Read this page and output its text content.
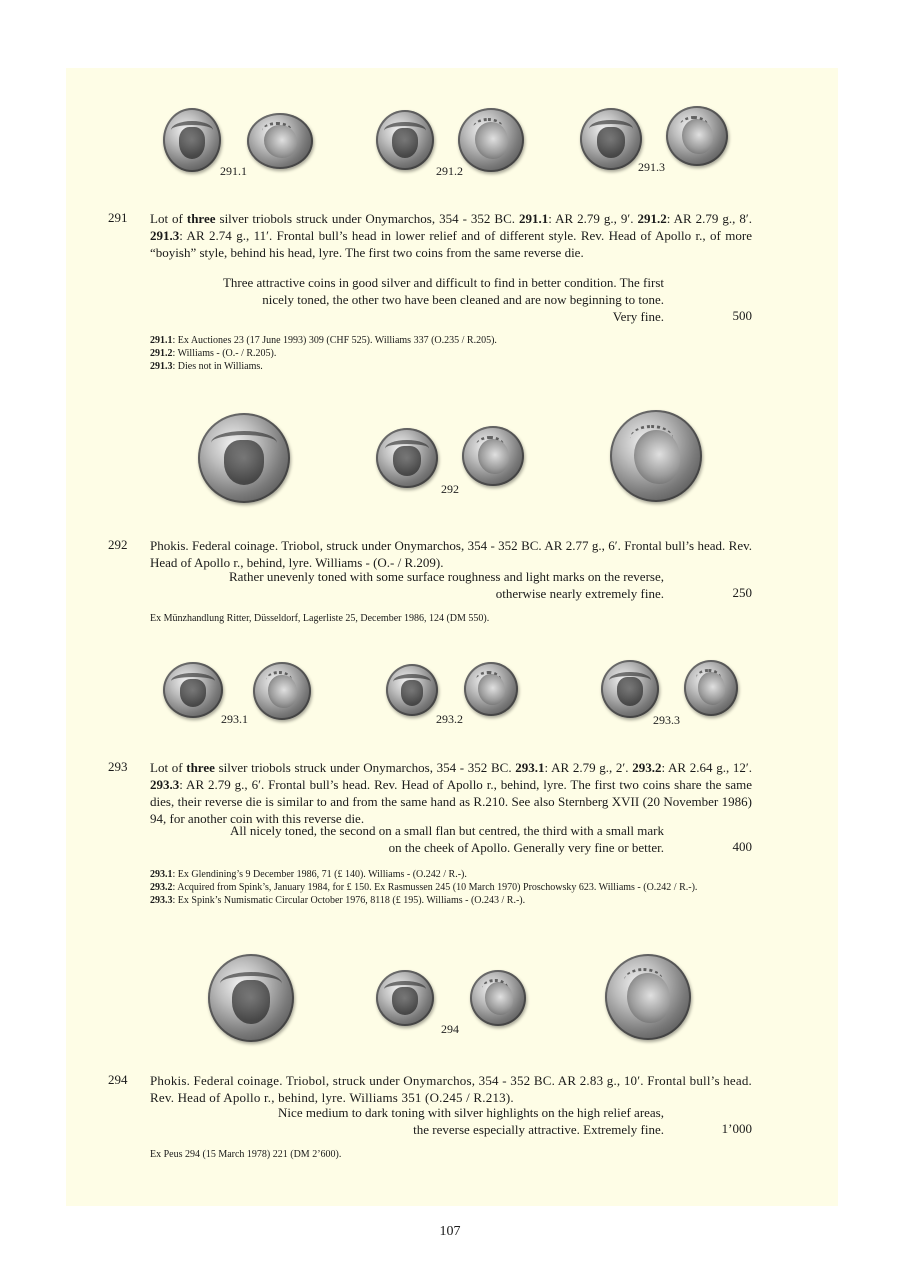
291.1	291.2	291.3
291 Lot of three silver triobols struck under Onymarchos, 354 - 352 BC. 291.1: AR 2.79 g., 9′. 291.2: AR 2.79 g., 8′. 291.3: AR 2.74 g., 11′. Frontal bull’s head in lower relief and of different style. Rev. Head of Apollo r., of more “boyish” style, behind his head, lyre. The first two coins from the same reverse die.
Three attractive coins in good silver and difficult to find in better condition. The first
nicely toned, the other two have been cleaned and are now beginning to tone.
Very fine.	500
291.1: Ex Auctiones 23 (17 June 1993) 309 (CHF 525). Williams 337 (O.235 / R.205).
291.2: Williams - (O.- / R.205).
291.3: Dies not in Williams.
292
292 Phokis. Federal coinage. Triobol, struck under Onymarchos, 354 - 352 BC. AR 2.77 g., 6′. Frontal bull’s head. Rev. Head of Apollo r., behind, lyre. Williams - (O.- / R.209).
Rather unevenly toned with some surface roughness and light marks on the reverse,
otherwise nearly extremely fine.	250
Ex Münzhandlung Ritter, Düsseldorf, Lagerliste 25, December 1986, 124 (DM 550).
293.1	293.2	293.3
293 Lot of three silver triobols struck under Onymarchos, 354 - 352 BC. 293.1: AR 2.79 g., 2′. 293.2: AR 2.64 g., 12′. 293.3: AR 2.79 g., 6′. Frontal bull’s head. Rev. Head of Apollo r., behind, lyre. The first two coins share the same dies, their reverse die is similar to and from the same hand as R.210. See also Sternberg XVII (20 November 1986) 94, for another coin with this reverse die.
All nicely toned, the second on a small flan but centred, the third with a small mark
on the cheek of Apollo. Generally very fine or better.	400
293.1: Ex Glendining’s 9 December 1986, 71 (£ 140). Williams - (O.242 / R.-).
293.2: Acquired from Spink’s, January 1984, for £ 150. Ex Rasmussen 245 (10 March 1970) Proschowsky 623. Williams - (O.242 / R.-).
293.3: Ex Spink’s Numismatic Circular October 1976, 8118 (£ 195). Williams - (O.243 / R.-).
294
294 Phokis. Federal coinage. Triobol, struck under Onymarchos, 354 - 352 BC. AR 2.83 g., 10′. Frontal bull’s head. Rev. Head of Apollo r., behind, lyre. Williams 351 (O.245 / R.213).
Nice medium to dark toning with silver highlights on the high relief areas,
the reverse especially attractive. Extremely fine.	1’000
Ex Peus 294 (15 March 1978) 221 (DM 2’600).
107
